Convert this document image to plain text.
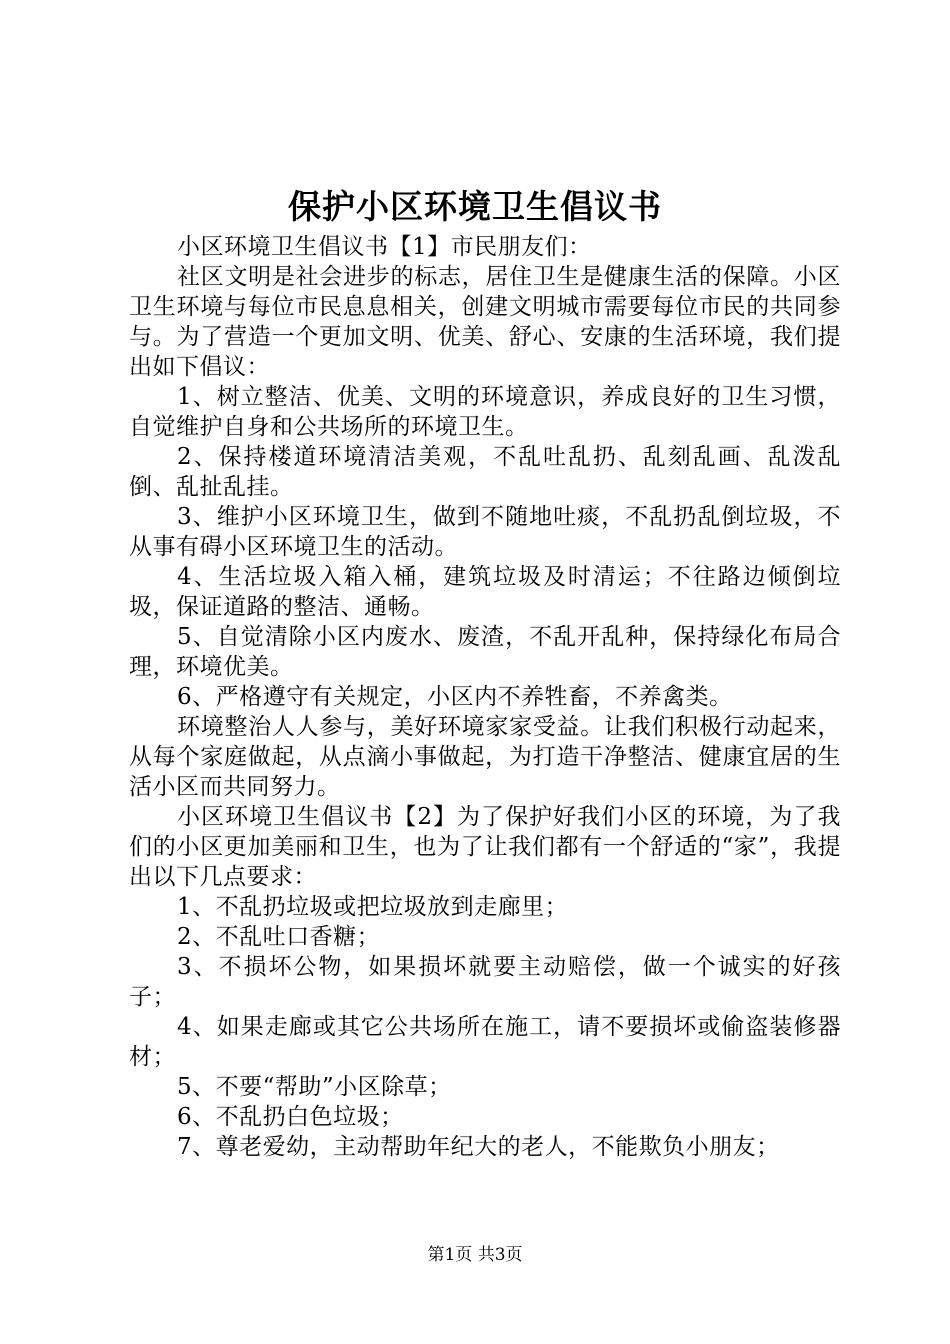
保护小区环境卫生倡议书

小区环境卫生倡议书【1】市民朋友们：

社区文明是社会进步的标志，居住卫生是健康生活的保障。小区卫生环境与每位市民息息相关，创建文明城市需要每位市民的共同参与。为了营造一个更加文明、优美、舒心、安康的生活环境，我们提出如下倡议：

1、树立整洁、优美、文明的环境意识，养成良好的卫生习惯，自觉维护自身和公共场所的环境卫生。

2、保持楼道环境清洁美观，不乱吐乱扔、乱刻乱画、乱泼乱倒、乱扯乱挂。

3、维护小区环境卫生，做到不随地吐痰，不乱扔乱倒垃圾，不从事有碍小区环境卫生的活动。

4、生活垃圾入箱入桶，建筑垃圾及时清运；不往路边倾倒垃圾，保证道路的整洁、通畅。

5、自觉清除小区内废水、废渣，不乱开乱种，保持绿化布局合理，环境优美。

6、严格遵守有关规定，小区内不养牲畜，不养禽类。

环境整治人人参与，美好环境家家受益。让我们积极行动起来，从每个家庭做起，从点滴小事做起，为打造干净整洁、健康宜居的生活小区而共同努力。

小区环境卫生倡议书【2】为了保护好我们小区的环境，为了我们的小区更加美丽和卫生，也为了让我们都有一个舒适的“家”，我提出以下几点要求：

1、不乱扔垃圾或把垃圾放到走廊里；

2、不乱吐口香糖；

3、不损坏公物，如果损坏就要主动赔偿，做一个诚实的好孩子；

4、如果走廊或其它公共场所在施工，请不要损坏或偷盗装修器材；

5、不要“帮助”小区除草；

6、不乱扔白色垃圾；

7、尊老爱幼，主动帮助年纪大的老人，不能欺负小朋友；

第1页 共3页
